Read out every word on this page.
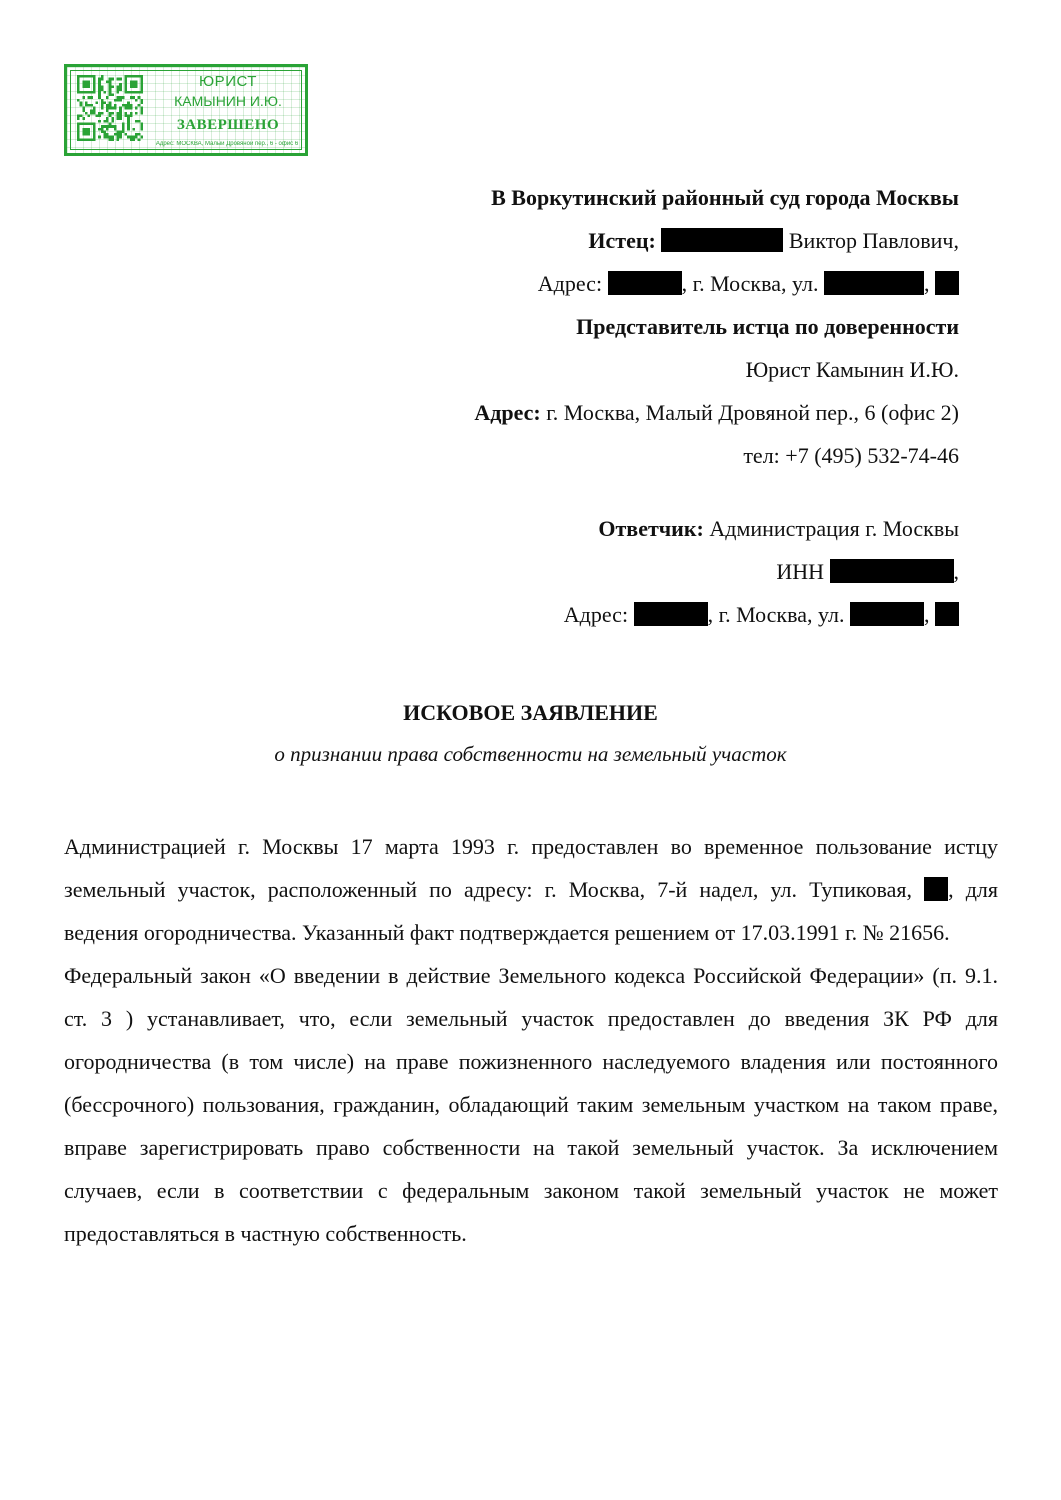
ЮРИСТ
КАМЫНИН И.Ю.
ЗАВЕРШЕНО
Адрес: МОСКВА, Малый Дровяной пер., 6 - офис 6
В Воркутинский районный суд города Москвы
Истец:	Виктор Павлович,
Адрес:	, г. Москва, ул.	,
Представитель истца по доверенности
Юрист Камынин И.Ю.
Адрес: г. Москва, Малый Дровяной пер., 6 (офис 2)
тел: +7 (495) 532-74-46
Ответчик: Администрация г. Москвы
ИНН	,
Адрес:	, г. Москва, ул.	,
ИСКОВОЕ ЗАЯВЛЕНИЕ
о признании права собственности на земельный участок

Администрацией г. Москвы 17 марта 1993 г. предоставлен во временное пользование истцу земельный участок, расположенный по адресу: г. Москва, 7-й надел, ул. Тупиковая, , для ведения огородничества. Указанный факт подтверждается решением от 17.03.1991 г. № 21656.

Федеральный закон «О введении в действие Земельного кодекса Российской Федерации» (п. 9.1. ст. 3 ) устанавливает, что, если земельный участок предоставлен до введения ЗК РФ для огородничества (в том числе) на праве пожизненного наследуемого владения или постоянного (бессрочного) пользования, гражданин, обладающий таким земельным участком на таком праве, вправе зарегистрировать право собственности на такой земельный участок. За исключением случаев, если в соответствии с федеральным законом такой земельный участок не может предоставляться в частную собственность.
